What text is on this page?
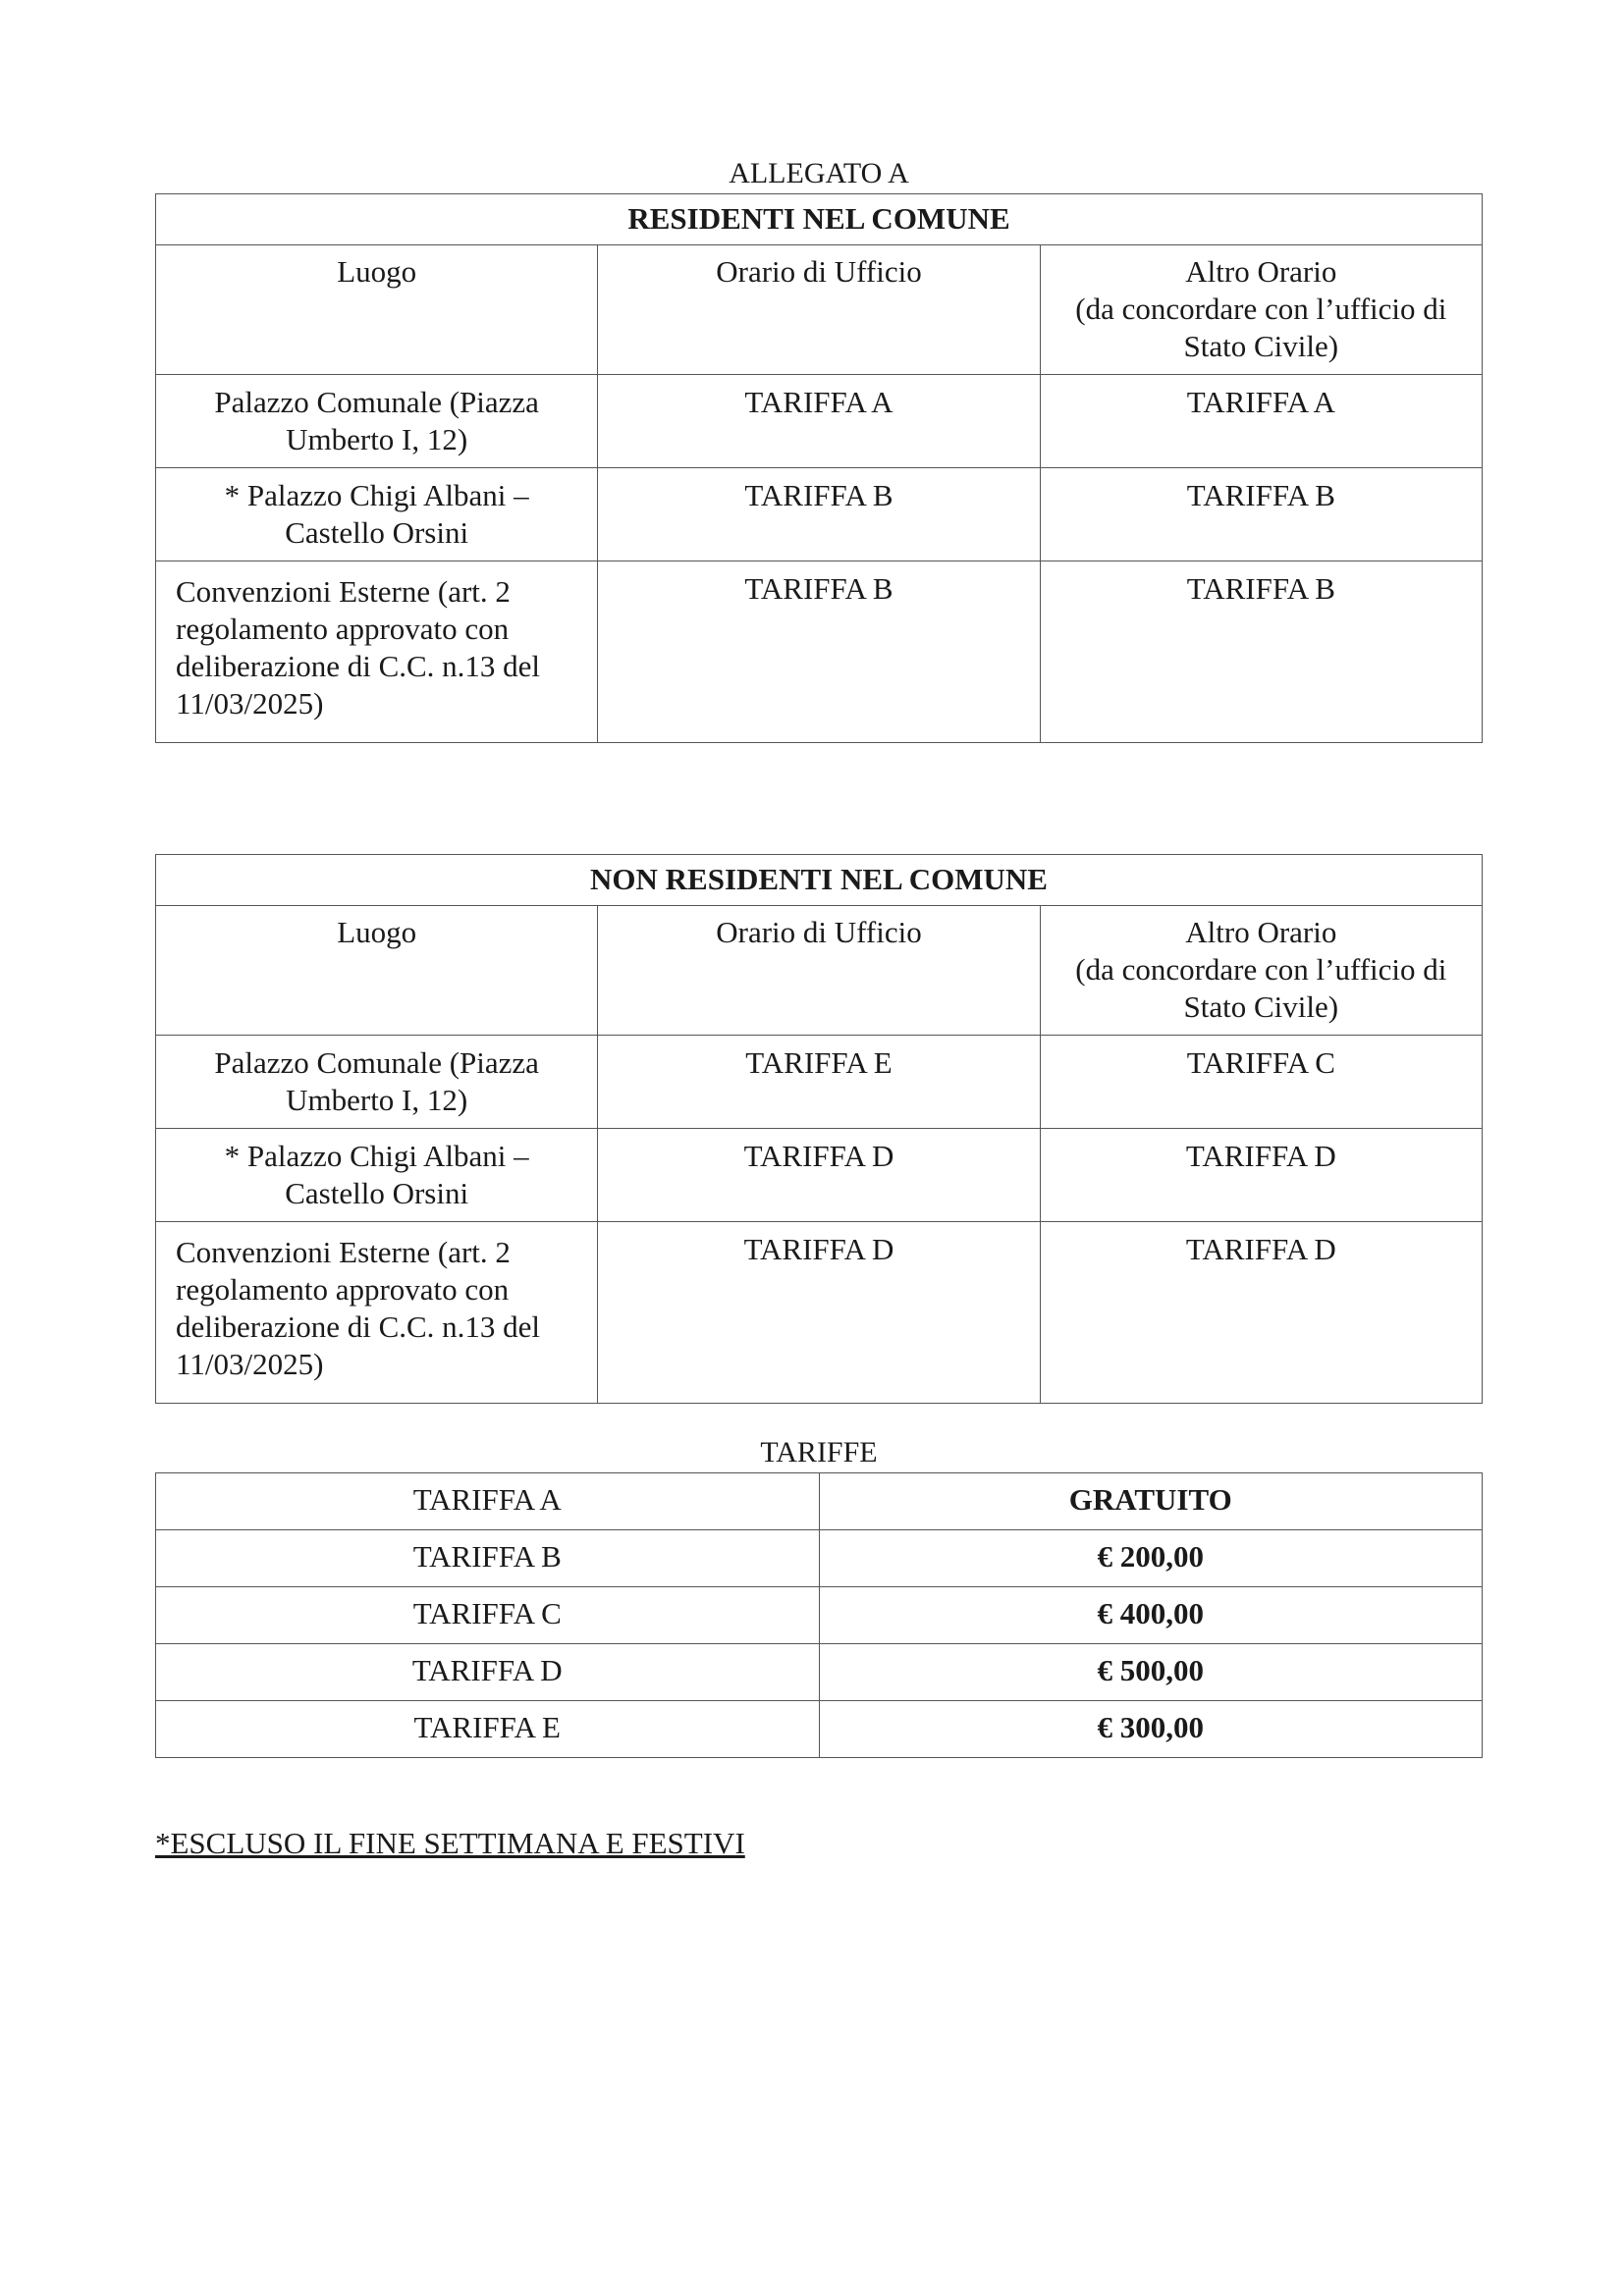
ALLEGATO A
RESIDENTI NEL COMUNE		
Luogo	Orario di Ufficio	Altro Orario
(da concordare con l’ufficio di
Stato Civile)
Palazzo Comunale (Piazza
Umberto I, 12)	TARIFFA A	TARIFFA A
* Palazzo Chigi Albani –
Castello Orsini	TARIFFA B	TARIFFA B

Convenzioni Esterne (art. 2
regolamento approvato con
deliberazione di C.C. n.13 del
11/03/2025)	TARIFFA B	TARIFFA B
NON RESIDENTI NEL COMUNE		
Luogo	Orario di Ufficio	Altro Orario
(da concordare con l’ufficio di
Stato Civile)
Palazzo Comunale (Piazza
Umberto I, 12)	TARIFFA E	TARIFFA C
* Palazzo Chigi Albani –
Castello Orsini	TARIFFA D	TARIFFA D

Convenzioni Esterne (art. 2
regolamento approvato con
deliberazione di C.C. n.13 del
11/03/2025)	TARIFFA D	TARIFFA D
TARIFFE
TARIFFA A	GRATUITO
TARIFFA B	€ 200,00
TARIFFA C	€ 400,00
TARIFFA D	€ 500,00
TARIFFA E	€ 300,00
*ESCLUSO IL FINE SETTIMANA E FESTIVI
